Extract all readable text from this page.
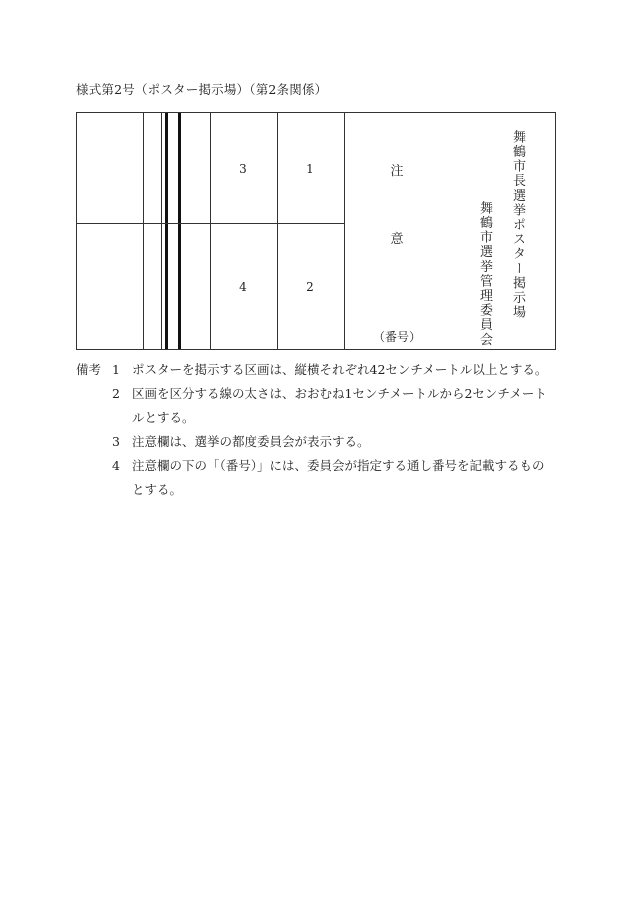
様式第2号（ポスター掲示場）（第2条関係）
3	1
4	2
注
意
（番号）
舞鶴市長選挙ポスター掲示場
舞鶴市選挙管理委員会
備考 1 ポスターを掲示する区画は、縦横それぞれ42センチメートル以上とする。
2 区画を区分する線の太さは、おおむね1センチメートルから2センチメートルとする。
3 注意欄は、選挙の都度委員会が表示する。
4 注意欄の下の「（番号）」には、委員会が指定する通し番号を記載するものとする。
